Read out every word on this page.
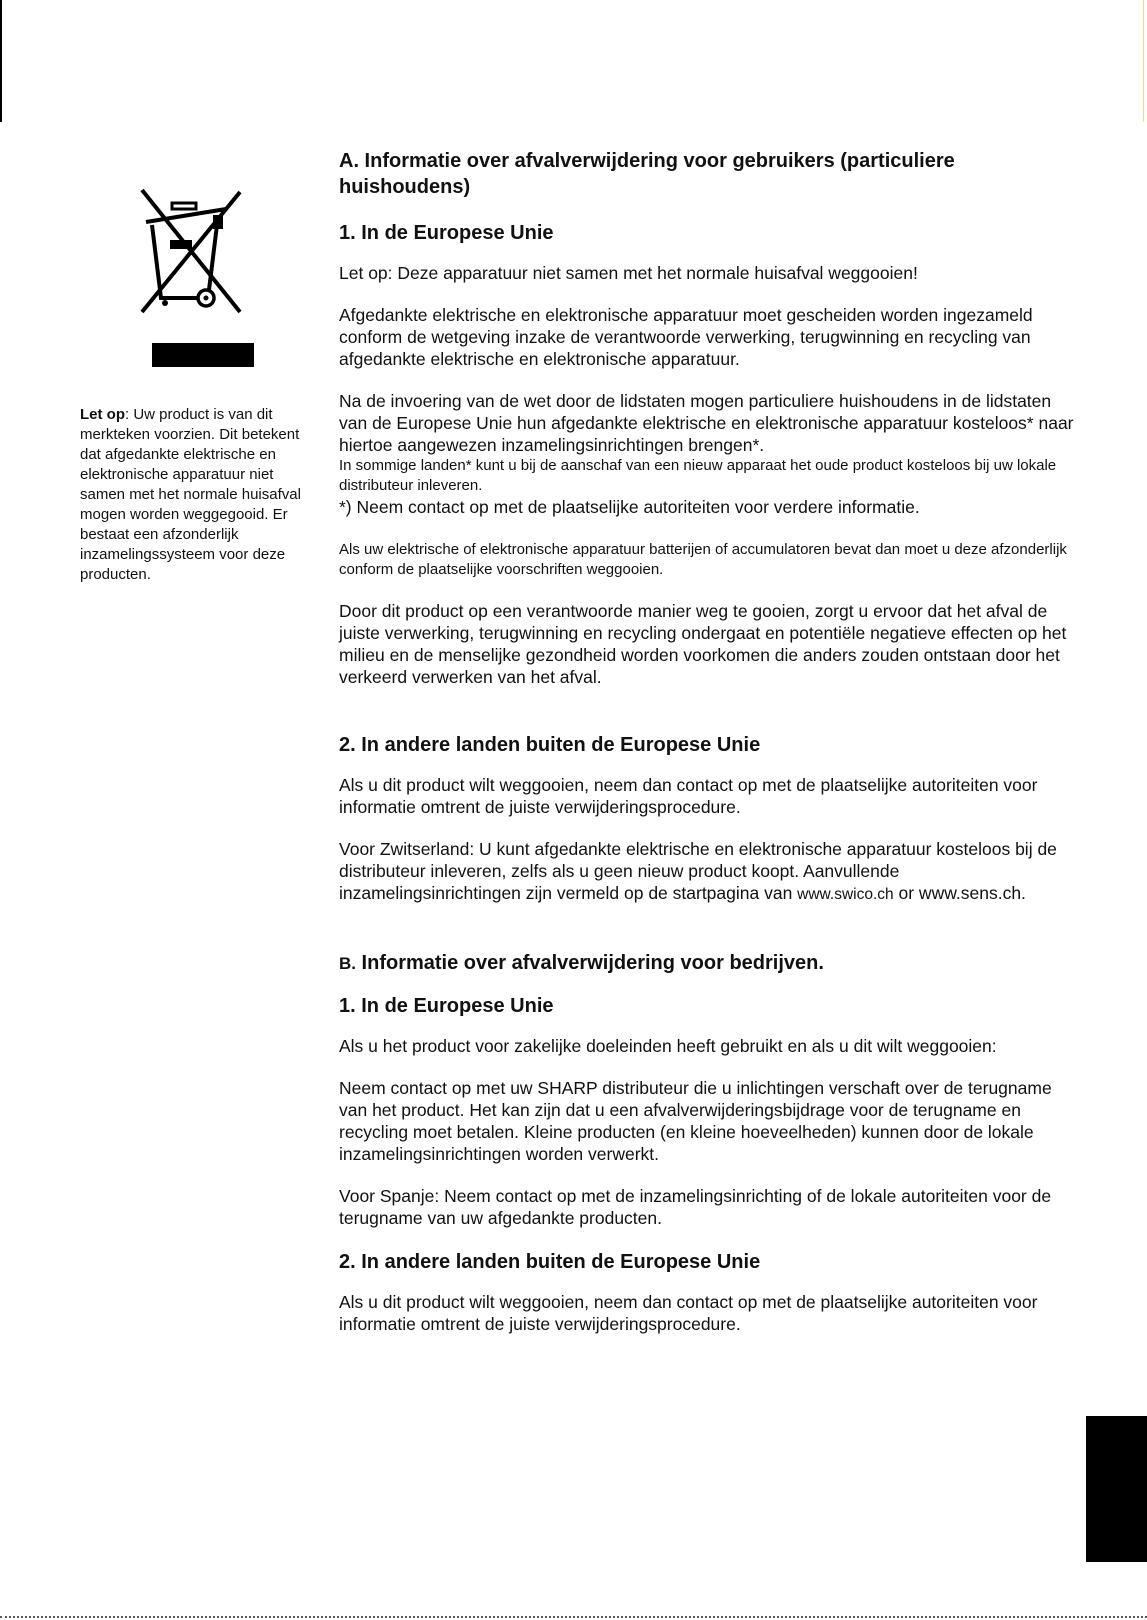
Let op: Uw product is van dit merkteken voorzien. Dit betekent dat afgedankte elektrische en elektronische apparatuur niet samen met het normale huisafval mogen worden weggegooid. Er bestaat een afzonderlijk inzamelingssysteem voor deze producten.

A. Informatie over afvalverwijdering voor gebruikers (particuliere huishoudens)
1. In de Europese Unie

Let op: Deze apparatuur niet samen met het normale huisafval weggooien!

Afgedankte elektrische en elektronische apparatuur moet gescheiden worden ingezameld conform de wetgeving inzake de verantwoorde verwerking, terugwinning en recycling van afgedankte elektrische en elektronische apparatuur.

Na de invoering van de wet door de lidstaten mogen particuliere huishoudens in de lidstaten van de Europese Unie hun afgedankte elektrische en elektronische apparatuur kosteloos* naar hiertoe aangewezen inzamelingsinrichtingen brengen*.

In sommige landen* kunt u bij de aanschaf van een nieuw apparaat het oude product kosteloos bij uw lokale distributeur inleveren.

*) Neem contact op met de plaatselijke autoriteiten voor verdere informatie.

Als uw elektrische of elektronische apparatuur batterijen of accumulatoren bevat dan moet u deze afzonderlijk conform de plaatselijke voorschriften weggooien.

Door dit product op een verantwoorde manier weg te gooien, zorgt u ervoor dat het afval de juiste verwerking, terugwinning en recycling ondergaat en potentiële negatieve effecten op het milieu en de menselijke gezondheid worden voorkomen die anders zouden ontstaan door het verkeerd verwerken van het afval.

2. In andere landen buiten de Europese Unie

Als u dit product wilt weggooien, neem dan contact op met de plaatselijke autoriteiten voor informatie omtrent de juiste verwijderingsprocedure.

Voor Zwitserland: U kunt afgedankte elektrische en elektronische apparatuur kosteloos bij de distributeur inleveren, zelfs als u geen nieuw product koopt. Aanvullende inzamelingsinrichtingen zijn vermeld op de startpagina van www.swico.ch or www.sens.ch.

B. Informatie over afvalverwijdering voor bedrijven.
1. In de Europese Unie

Als u het product voor zakelijke doeleinden heeft gebruikt en als u dit wilt weggooien:

Neem contact op met uw SHARP distributeur die u inlichtingen verschaft over de terugname van het product. Het kan zijn dat u een afvalverwijderingsbijdrage voor de terugname en recycling moet betalen. Kleine producten (en kleine hoeveelheden) kunnen door de lokale inzamelingsinrichtingen worden verwerkt.

Voor Spanje: Neem contact op met de inzamelingsinrichting of de lokale autoriteiten voor de terugname van uw afgedankte producten.

2. In andere landen buiten de Europese Unie

Als u dit product wilt weggooien, neem dan contact op met de plaatselijke autoriteiten voor informatie omtrent de juiste verwijderingsprocedure.
